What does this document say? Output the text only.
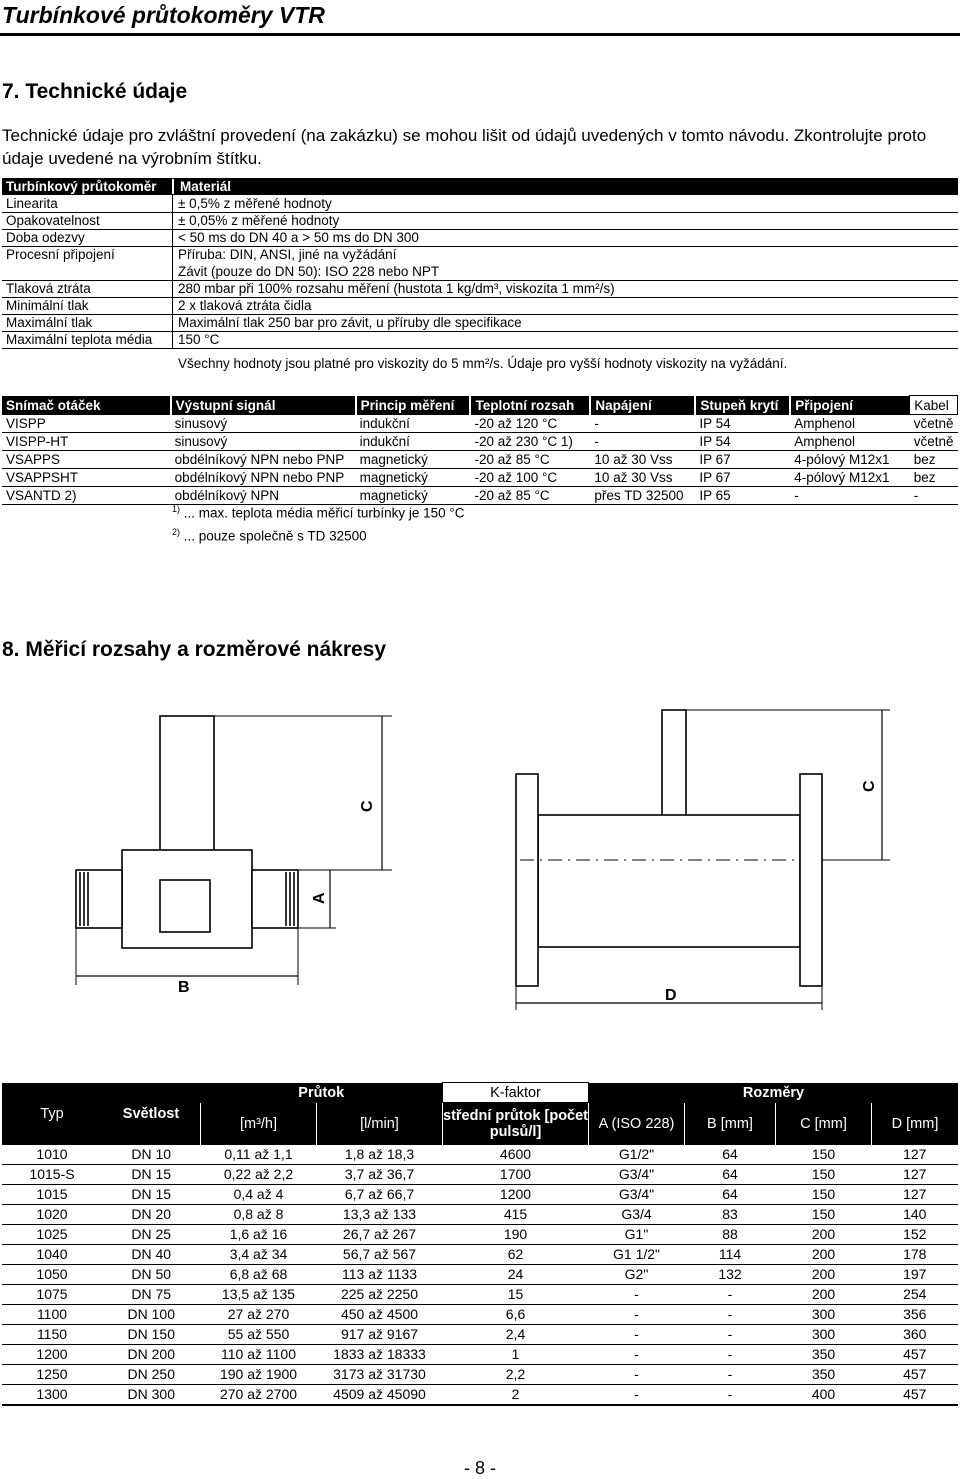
Turbínkové průtokoměry VTR
7. Technické údaje
Technické údaje pro zvláštní provedení (na zakázku) se mohou lišit od údajů uvedených v tomto návodu. Zkontrolujte proto údaje uvedené na výrobním štítku.
Turbínkový průtokoměr	Materiál
Linearita	± 0,5% z měřené hodnoty
Opakovatelnost	± 0,05% z měřené hodnoty
Doba odezvy	< 50 ms do DN 40 a > 50 ms do DN 300
Procesní připojení	Příruba: DIN, ANSI, jiné na vyžádání
Závit (pouze do DN 50): ISO 228 nebo NPT
Tlaková ztráta	280 mbar při 100% rozsahu měření (hustota 1 kg/dm³, viskozita 1 mm²/s)
Minimální tlak	2 x tlaková ztráta čidla
Maximální tlak	Maximální tlak 250 bar pro závit, u příruby dle specifikace
Maximální teplota média 150 °C
Všechny hodnoty jsou platné pro viskozity do 5 mm²/s. Údaje pro vyšší hodnoty viskozity na vyžádání.
Snímač otáček	Výstupní signál	Princip měření	Teplotní rozsah	Napájení	Stupeň krytí	Připojení	Kabel
VISPP	sinusový	indukční	-20 až 120 °C	-	IP 54	Amphenol	včetně
VISPP-HT	sinusový	indukční	-20 až 230 °C 1)	-	IP 54	Amphenol	včetně
VSAPPS	obdélníkový NPN nebo PNP	magnetický	-20 až 85 °C	10 až 30 Vss	IP 67	4-pólový M12x1	bez
VSAPPSHT	obdélníkový NPN nebo PNP	magnetický	-20 až 100 °C	10 až 30 Vss	IP 67	4-pólový M12x1	bez
VSANTD 2)	obdélníkový NPN	magnetický	-20 až 85 °C	přes TD 32500	IP 65	-	-
$^{1)}$ ... max. teplota média měřicí turbínky je 150 °C
$^{2)}$ ... pouze společně s TD 32500
8. Měřicí rozsahy a rozměrové nákresy
B
C
A
D
C
Typ	Světlost	Průtok		K-faktor	Rozměry			
		[m³/h]	[l/min]	střední průtok [počet pulsů/l]	A (ISO 228)	B [mm]	C [mm]	D [mm]
1010	DN 10	0,11 až 1,1	1,8 až 18,3	4600	G1/2"	64	150	127
1015-S	DN 15	0,22 až 2,2	3,7 až 36,7	1700	G3/4"	64	150	127
1015	DN 15	0,4 až 4	6,7 až 66,7	1200	G3/4"	64	150	127
1020	DN 20	0,8 až 8	13,3 až 133	415	G3/4	83	150	140
1025	DN 25	1,6 až 16	26,7 až 267	190	G1"	88	200	152
1040	DN 40	3,4 až 34	56,7 až 567	62	G1 1/2"	114	200	178
1050	DN 50	6,8 až 68	113 až 1133	24	G2"	132	200	197
1075	DN 75	13,5 až 135	225 až 2250	15	-	-	200	254
1100	DN 100	27 až 270	450 až 4500	6,6	-	-	300	356
1150	DN 150	55 až 550	917 až 9167	2,4	-	-	300	360
1200	DN 200	110 až 1100	1833 až 18333	1	-	-	350	457
1250	DN 250	190 až 1900	3173 až 31730	2,2	-	-	350	457
1300	DN 300	270 až 2700	4509 až 45090	2	-	-	400	457
- 8 -
